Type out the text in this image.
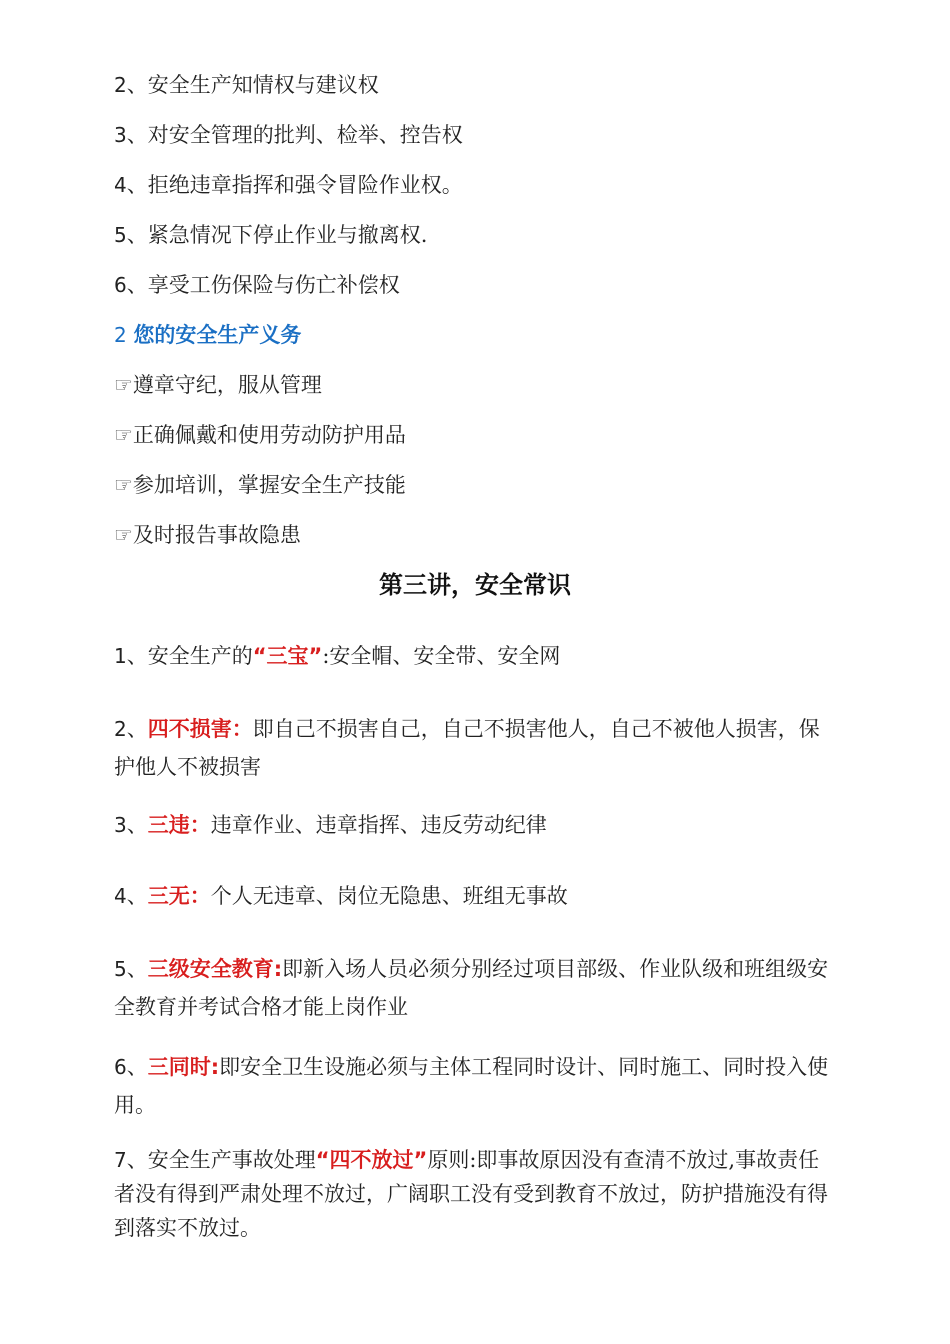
2、安全生产知情权与建议权
3、对安全管理的批判、检举、控告权
4、拒绝违章指挥和强令冒险作业权。
5、紧急情况下停止作业与撤离权.
6、享受工伤保险与伤亡补偿权
2 您的安全生产义务
☞遵章守纪，服从管理
☞正确佩戴和使用劳动防护用品
☞参加培训，掌握安全生产技能
☞及时报告事故隐患
第三讲，安全常识
1、安全生产的“三宝”:安全帽、安全带、安全网
2、四不损害：即自己不损害自己，自己不损害他人，自己不被他人损害，保护他人不被损害
3、三违：违章作业、违章指挥、违反劳动纪律
4、三无：个人无违章、岗位无隐患、班组无事故
5、三级安全教育:即新入场人员必须分别经过项目部级、作业队级和班组级安全教育并考试合格才能上岗作业
6、三同时:即安全卫生设施必须与主体工程同时设计、同时施工、同时投入使用。
7、安全生产事故处理“四不放过”原则:即事故原因没有查清不放过,事故责任者没有得到严肃处理不放过，广阔职工没有受到教育不放过，防护措施没有得到落实不放过。
